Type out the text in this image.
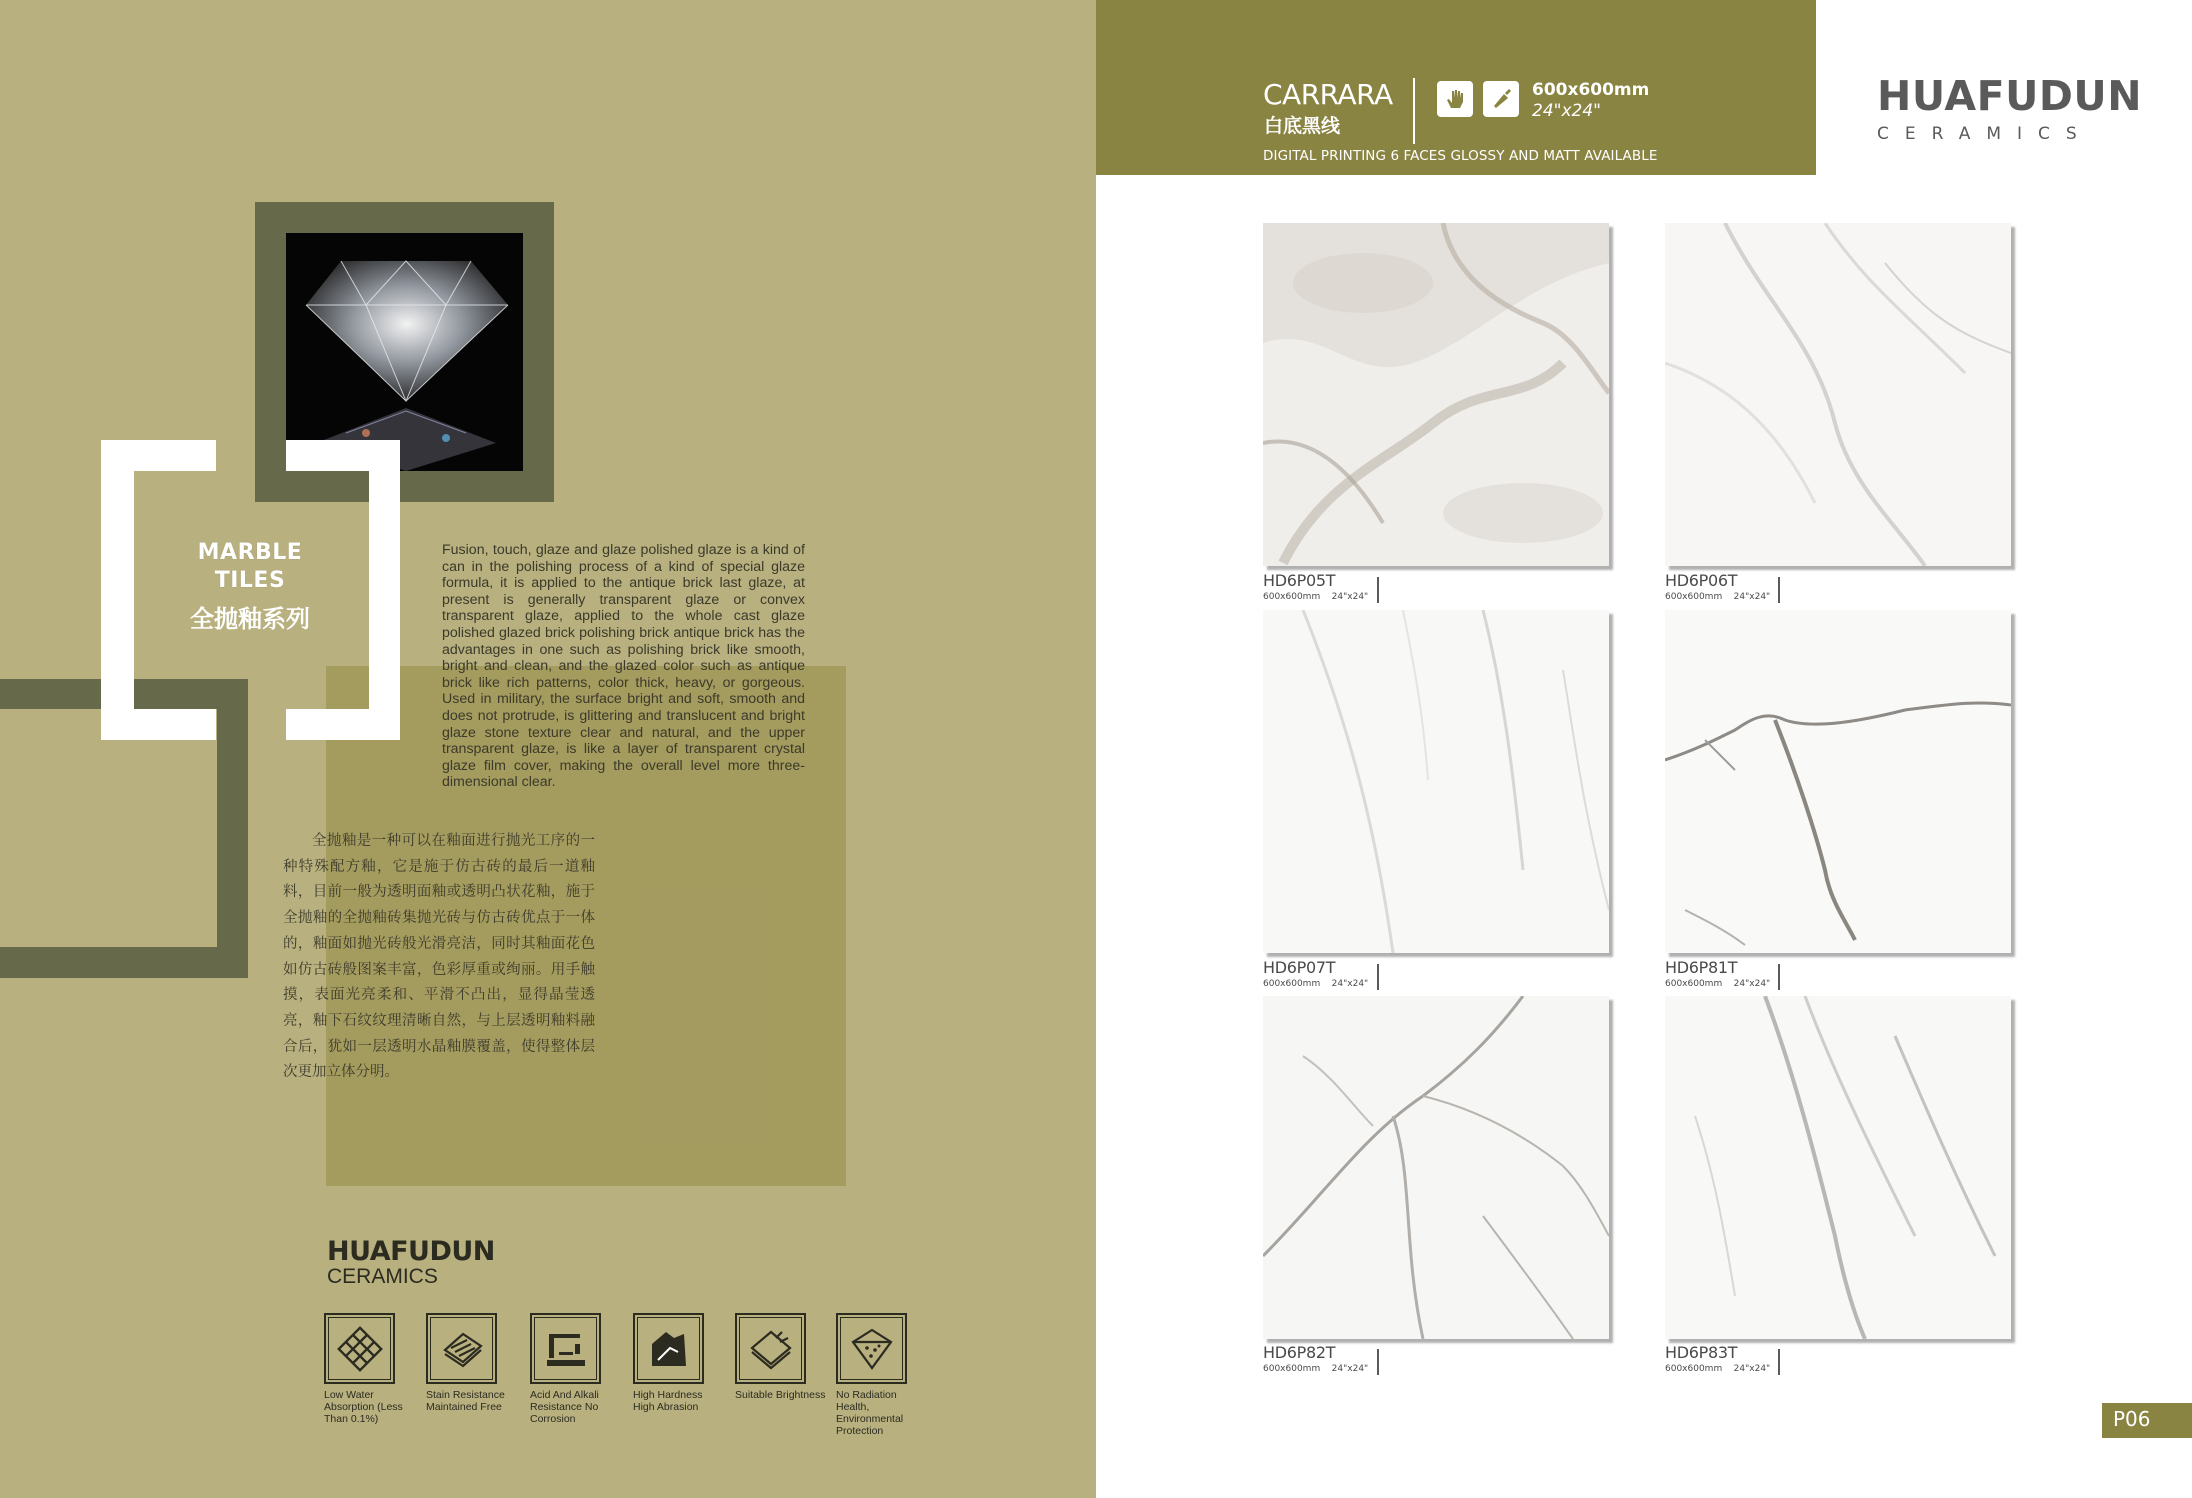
MARBLE
TILES
全抛釉系列

Fusion, touch, glaze and glaze polished glaze is a kind of can in the polishing process of a kind of special glaze formula, it is applied to the antique brick last glaze, at present is generally transparent glaze or convex transparent glaze, applied to the whole cast glaze polished glazed brick polishing brick antique brick has the advantages in one such as polishing brick like smooth, bright and clean, and the glazed color such as antique brick like rich patterns, color thick, heavy, or gorgeous. Used in military, the surface bright and soft, smooth and does not protrude, is glittering and translucent and bright glaze stone texture clear and natural, and the upper transparent glaze, is like a layer of transparent crystal glaze film cover, making the overall level more three-dimensional clear.

全抛釉是一种可以在釉面进行抛光工序的一种特殊配方釉，它是施于仿古砖的最后一道釉料，目前一般为透明面釉或透明凸状花釉，施于全抛釉的全抛釉砖集抛光砖与仿古砖优点于一体的，釉面如抛光砖般光滑亮洁，同时其釉面花色如仿古砖般图案丰富，色彩厚重或绚丽。用手触摸，表面光亮柔和、平滑不凸出，显得晶莹透亮，釉下石纹纹理清晰自然，与上层透明釉料融合后，犹如一层透明水晶釉膜覆盖，使得整体层次更加立体分明。

HUAFUDUN
CERAMICS
Low Water Absorption (Less Than 0.1%)
Stain Resistance Maintained Free
Acid And Alkali Resistance No Corrosion
High Hardness High Abrasion
Suitable Brightness No Radiation Health, Environmental Protection
CARRARA
白底黑线
600x600mm
24"x24"
DIGITAL PRINTING 6 FACES GLOSSY AND MATT AVAILABLE
HUAFUDUN
CERAMICS
HD6P05T
600x600mm 24"x24"
HD6P06T
600x600mm 24"x24"
HD6P07T
600x600mm 24"x24"
HD6P81T
600x600mm 24"x24"
HD6P82T
600x600mm 24"x24"
HD6P83T
600x600mm 24"x24"
P06
